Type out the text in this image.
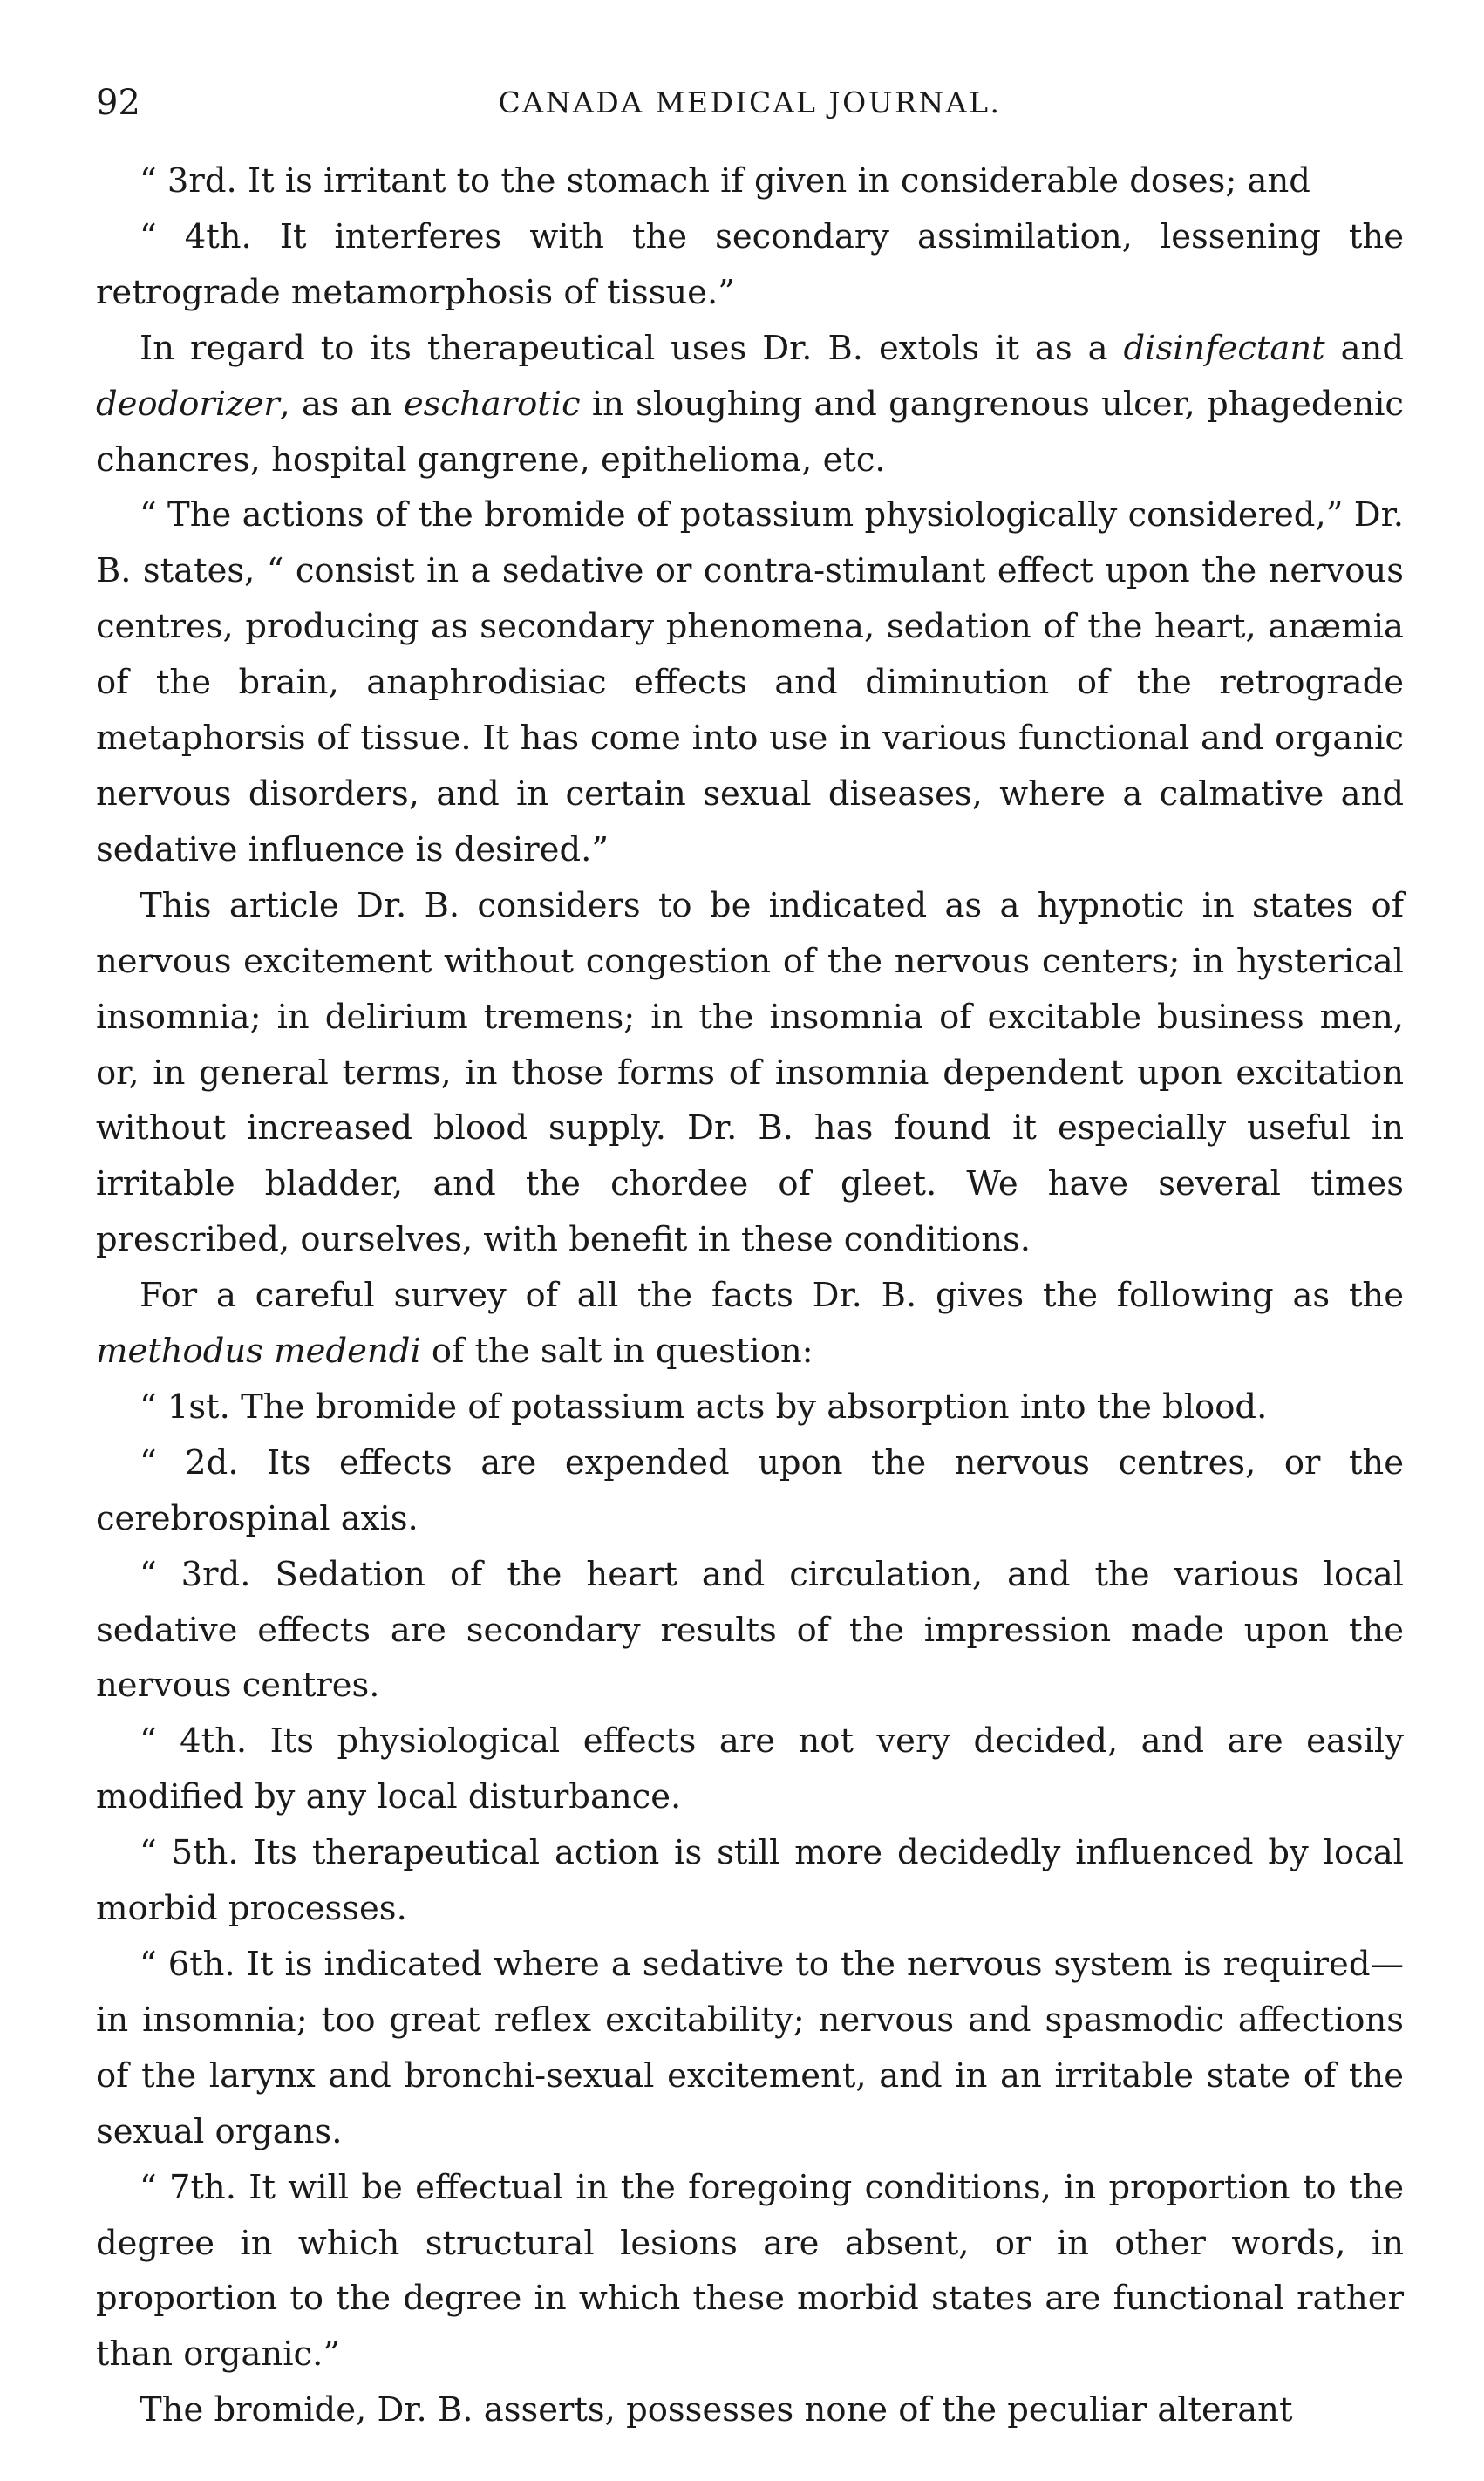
92	CANADA MEDICAL JOURNAL.

“ 3rd. It is irritant to the stomach if given in considerable doses; and

“ 4th. It interferes with the secondary assimilation, lessening the retrograde metamorphosis of tissue.”

In regard to its therapeutical uses Dr. B. extols it as a disinfectant and deodorizer, as an escharotic in sloughing and gangrenous ulcer, phagedenic chancres, hospital gangrene, epithelioma, etc.

“ The actions of the bromide of potassium physiologically considered,” Dr. B. states, “ consist in a sedative or contra-stimulant effect upon the nervous centres, producing as secondary phenomena, sedation of the heart, anæmia of the brain, anaphrodisiac effects and diminution of the retrograde metaphorsis of tissue. It has come into use in various functional and organic nervous disorders, and in certain sexual diseases, where a calmative and sedative influence is desired.”

This article Dr. B. considers to be indicated as a hypnotic in states of nervous excitement without congestion of the nervous centers; in hysterical insomnia; in delirium tremens; in the insomnia of excitable business men, or, in general terms, in those forms of insomnia dependent upon excitation without increased blood supply. Dr. B. has found it especially useful in irritable bladder, and the chordee of gleet. We have several times prescribed, ourselves, with benefit in these conditions.

For a careful survey of all the facts Dr. B. gives the following as the methodus medendi of the salt in question:

“ 1st. The bromide of potassium acts by absorption into the blood.

“ 2d. Its effects are expended upon the nervous centres, or the cerebrospinal axis.

“ 3rd. Sedation of the heart and circulation, and the various local sedative effects are secondary results of the impression made upon the nervous centres.

“ 4th. Its physiological effects are not very decided, and are easily modified by any local disturbance.

“ 5th. Its therapeutical action is still more decidedly influenced by local morbid processes.

“ 6th. It is indicated where a sedative to the nervous system is required—in insomnia; too great reflex excitability; nervous and spasmodic affections of the larynx and bronchi-sexual excitement, and in an irritable state of the sexual organs.

“ 7th. It will be effectual in the foregoing conditions, in proportion to the degree in which structural lesions are absent, or in other words, in proportion to the degree in which these morbid states are functional rather than organic.”

The bromide, Dr. B. asserts, possesses none of the peculiar alterant
